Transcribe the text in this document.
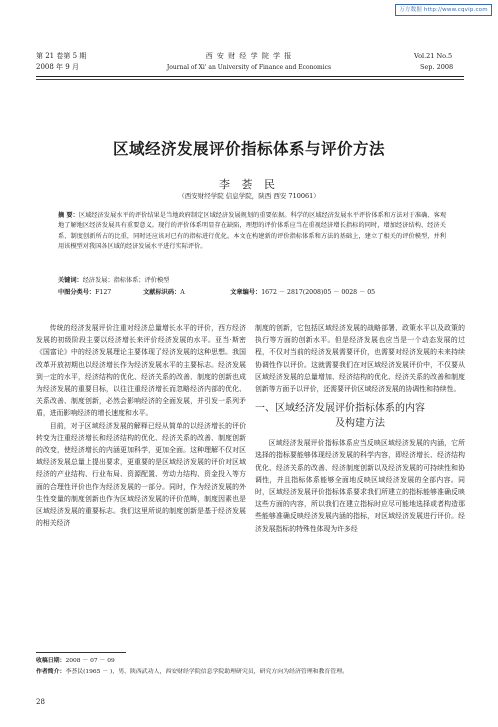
万方数据 http://www.cqvip.com
第 21 卷第 5 期
2008 年 9 月
西 安 财 经 学 院 学 报
Journal of Xi' an University of Finance and Economics
Vol.21 No.5
Sep. 2008
区域经济发展评价指标体系与评价方法
李 荟 民
（西安财经学院 信息学院，陕西 西安 710061）
摘 要：区域经济发展水平的评价结果是当地政府制定区域经济发展规划的重要依据。科学的区域经济发展水平评价体系和方法对于准确、客观地了解地区经济发展具有重要意义。现行的评价体系明显存在缺陷，理想的评价体系应当在重视经济增长指标的同时，增加经济结构、经济关系、制度创新所占的比重，同时还应该对已有的指标进行优化。本文在构建新的评价指标体系和方法的基础上，建立了相关的评价模型，并利用该模型对我国各区域的经济发展水平进行实际评价。
关键词：经济发展；指标体系；评价模型
中图分类号：F127	文献标识码：A	文章编号：1672 － 2817(2008)05 － 0028 － 05

传统的经济发展评价注重对经济总量增长水平的评价，西方经济发展的初级阶段主要以经济增长来评价经济发展的水平。亚当·斯密《国富论》中的经济发展理论主要体现了经济发展的这种思想。我国改革开放初期也以经济增长作为经济发展水平的主要标志。经济发展到一定的水平，经济结构的优化、经济关系的改善、制度的创新也成为经济发展的重要目标，以往注重经济增长而忽略经济内部的优化、关系改善、制度创新，必然会影响经济的全面发展，并引发一系列矛盾，进而影响经济的增长速度和水平。

目前，对于区域经济发展的解释已经从简单的以经济增长的评价转变为注重经济增长和经济结构的优化、经济关系的改善、制度创新的改变，使经济增长的内涵更加科学，更加全面。这种理解不仅对区域经济发展总量上提出要求，更重要的是区域经济发展的评价对区域经济的产业结构、行业布局、资源配置、劳动力结构、资金投入等方面的合理性评价也作为经济发展的一部分。同时，作为经济发展的外生性变量的制度创新也作为区域经济发展的评价范畴，制度因素也是区域经济发展的重要标志。我们这里所说的制度创新是基于经济发展的相关经济

制度的创新，它包括区域经济发展的战略部署、政策水平以及政策的执行等方面的创新水平。但是经济发展也应当是一个动态发展的过程，不仅对当前的经济发展需要评价，也需要对经济发展的未来持续协调性作以评价。这就需要我们在对区域经济发展评价中，不仅要从区域经济发展的总量增加、经济结构的优化、经济关系的改善和制度创新等方面予以评价，还需要评价区域经济发展的协调性和持续性。

一、区域经济发展评价指标体系的内容
及构建方法

区域经济发展评价指标体系应当反映区域经济发展的内涵，它所选择的指标要能够体现经济发展的科学内容，即经济增长、经济结构优化、经济关系的改善、经济制度创新以及经济发展的可持续性和协调性，并且指标体系能够全面地反映区域经济发展的全部内容。同时，区域经济发展评价指标体系要求我们所建立的指标能够准确反映这些方面的内容，所以我们在建立指标时应尽可能地选择或者构造那些能够准确反映经济发展内涵的指标，对区域经济发展进行评价。经济发展指标的特殊性体现为许多经

收稿日期：2008 － 07 － 09
作者简介：李荟民(1965 － )，男，陕西武功人，西安财经学院信息学院助理研究员，研究方向为经济管理和教育管理。
28
